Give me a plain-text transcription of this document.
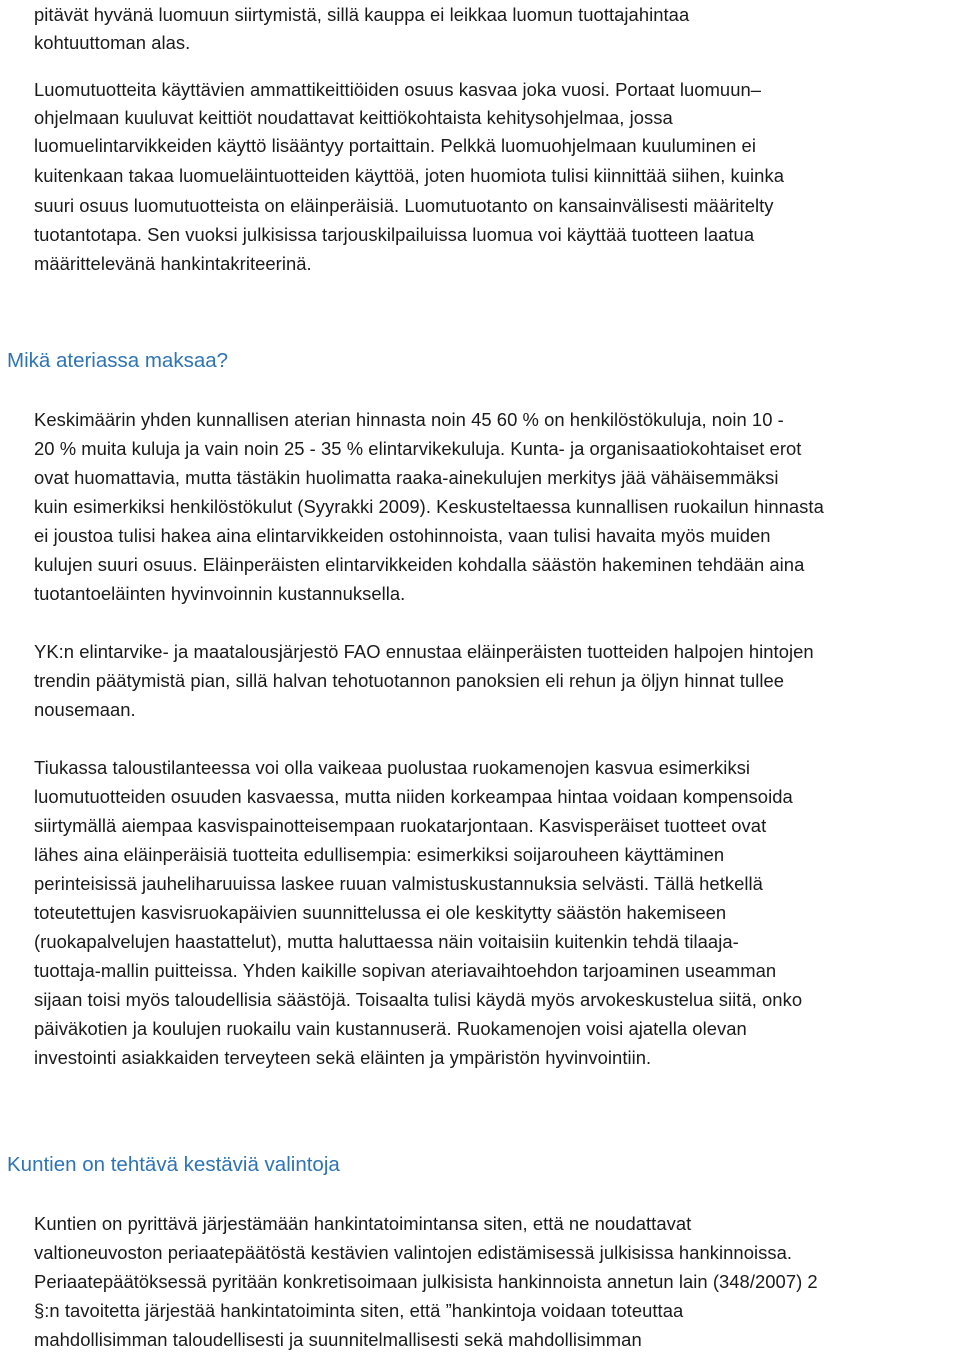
pitävät hyvänä luomuun siirtymistä, sillä kauppa ei leikkaa luomun tuottajahintaa
kohtuuttoman alas.
Luomutuotteita käyttävien ammattikeittiöiden osuus kasvaa joka vuosi. Portaat luomuun–
ohjelmaan kuuluvat keittiöt noudattavat keittiökohtaista kehitysohjelmaa, jossa
luomuelintarvikkeiden käyttö lisääntyy portaittain. Pelkkä luomuohjelmaan kuuluminen ei
kuitenkaan takaa luomueläintuotteiden käyttöä, joten huomiota tulisi kiinnittää siihen, kuinka
suuri osuus luomutuotteista on eläinperäisiä. Luomutuotanto on kansainvälisesti määritelty
tuotantotapa. Sen vuoksi julkisissa tarjouskilpailuissa luomua voi käyttää tuotteen laatua
määrittelevänä hankintakriteerinä.
Mikä ateriassa maksaa?
Keskimäärin yhden kunnallisen aterian hinnasta noin 45 60 % on henkilöstökuluja, noin 10 -
20 % muita kuluja ja vain noin 25 - 35 % elintarvikekuluja. Kunta- ja organisaatiokohtaiset erot
ovat huomattavia, mutta tästäkin huolimatta raaka-ainekulujen merkitys jää vähäisemmäksi
kuin esimerkiksi henkilöstökulut (Syyrakki 2009). Keskusteltaessa kunnallisen ruokailun hinnasta
ei joustoa tulisi hakea aina elintarvikkeiden ostohinnoista, vaan tulisi havaita myös muiden
kulujen suuri osuus. Eläinperäisten elintarvikkeiden kohdalla säästön hakeminen tehdään aina
tuotantoeläinten hyvinvoinnin kustannuksella.
YK:n elintarvike- ja maatalousjärjestö FAO ennustaa eläinperäisten tuotteiden halpojen hintojen
trendin päätymistä pian, sillä halvan tehotuotannon panoksien eli rehun ja öljyn hinnat tullee
nousemaan.
Tiukassa taloustilanteessa voi olla vaikeaa puolustaa ruokamenojen kasvua esimerkiksi
luomutuotteiden osuuden kasvaessa, mutta niiden korkeampaa hintaa voidaan kompensoida
siirtymällä aiempaa kasvispainotteisempaan ruokatarjontaan. Kasvisperäiset tuotteet ovat
lähes aina eläinperäisiä tuotteita edullisempia: esimerkiksi soijarouheen käyttäminen
perinteisissä jauheliharuuissa laskee ruuan valmistuskustannuksia selvästi. Tällä hetkellä
toteutettujen kasvisruokapäivien suunnittelussa ei ole keskitytty säästön hakemiseen
(ruokapalvelujen haastattelut), mutta haluttaessa näin voitaisiin kuitenkin tehdä tilaaja-
tuottaja-mallin puitteissa. Yhden kaikille sopivan ateriavaihtoehdon tarjoaminen useamman
sijaan toisi myös taloudellisia säästöjä. Toisaalta tulisi käydä myös arvokeskustelua siitä, onko
päiväkotien ja koulujen ruokailu vain kustannuserä. Ruokamenojen voisi ajatella olevan
investointi asiakkaiden terveyteen sekä eläinten ja ympäristön hyvinvointiin.
Kuntien on tehtävä kestäviä valintoja
Kuntien on pyrittävä järjestämään hankintatoimintansa siten, että ne noudattavat
valtioneuvoston periaatepäätöstä kestävien valintojen edistämisessä julkisissa hankinnoissa.
Periaatepäätöksessä pyritään konkretisoimaan julkisista hankinnoista annetun lain (348/2007) 2
§:n tavoitetta järjestää hankintatoiminta siten, että ”hankintoja voidaan toteuttaa
mahdollisimman taloudellisesti ja suunnitelmallisesti sekä mahdollisimman
